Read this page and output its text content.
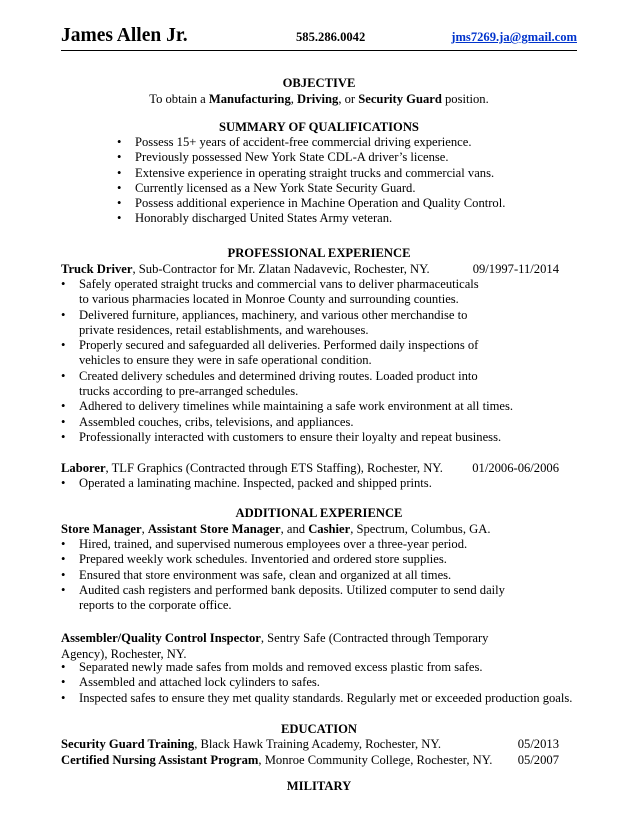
James Allen Jr.	585.286.0042	jms7269.ja@gmail.com
OBJECTIVE
To obtain a Manufacturing, Driving, or Security Guard position.
SUMMARY OF QUALIFICATIONS
• Possess 15+ years of accident-free commercial driving experience.
• Previously possessed New York State CDL-A driver’s license.
• Extensive experience in operating straight trucks and commercial vans.
• Currently licensed as a New York State Security Guard.
• Possess additional experience in Machine Operation and Quality Control.
• Honorably discharged United States Army veteran.
PROFESSIONAL EXPERIENCE
Truck Driver, Sub-Contractor for Mr. Zlatan Nadavevic, Rochester, NY.	09/1997-11/2014
• Safely operated straight trucks and commercial vans to deliver pharmaceuticals
to various pharmacies located in Monroe County and surrounding counties.
• Delivered furniture, appliances, machinery, and various other merchandise to
private residences, retail establishments, and warehouses.
• Properly secured and safeguarded all deliveries. Performed daily inspections of
vehicles to ensure they were in safe operational condition.
• Created delivery schedules and determined driving routes. Loaded product into
trucks according to pre-arranged schedules.
• Adhered to delivery timelines while maintaining a safe work environment at all times.
• Assembled couches, cribs, televisions, and appliances.
• Professionally interacted with customers to ensure their loyalty and repeat business.
Laborer, TLF Graphics (Contracted through ETS Staffing), Rochester, NY. 01/2006-06/2006
• Operated a laminating machine. Inspected, packed and shipped prints.
ADDITIONAL EXPERIENCE
Store Manager, Assistant Store Manager, and Cashier, Spectrum, Columbus, GA.
• Hired, trained, and supervised numerous employees over a three-year period.
• Prepared weekly work schedules. Inventoried and ordered store supplies.
• Ensured that store environment was safe, clean and organized at all times.
• Audited cash registers and performed bank deposits. Utilized computer to send daily
reports to the corporate office.
Assembler/Quality Control Inspector, Sentry Safe (Contracted through Temporary
Agency), Rochester, NY.
• Separated newly made safes from molds and removed excess plastic from safes.
• Assembled and attached lock cylinders to safes.
• Inspected safes to ensure they met quality standards. Regularly met or exceeded production goals.
EDUCATION
Security Guard Training, Black Hawk Training Academy, Rochester, NY.	05/2013
Certified Nursing Assistant Program, Monroe Community College, Rochester, NY. 05/2007
MILITARY
